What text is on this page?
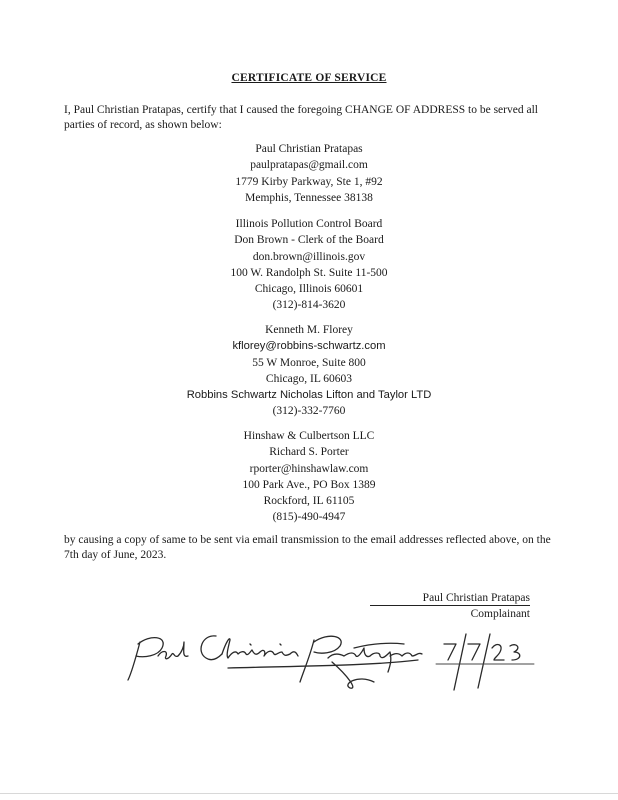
CERTIFICATE OF SERVICE
I, Paul Christian Pratapas, certify that I caused the foregoing CHANGE OF ADDRESS to be served all parties of record, as shown below:
Paul Christian Pratapas
paulpratapas@gmail.com
1779 Kirby Parkway, Ste 1, #92
Memphis, Tennessee 38138
Illinois Pollution Control Board
Don Brown - Clerk of the Board
don.brown@illinois.gov
100 W. Randolph St. Suite 11-500
Chicago, Illinois 60601
(312)-814-3620
Kenneth M. Florey
kflorey@robbins-schwartz.com
55 W Monroe, Suite 800
Chicago, IL 60603
Robbins Schwartz Nicholas Lifton and Taylor LTD
(312)-332-7760
Hinshaw & Culbertson LLC
Richard S. Porter
rporter@hinshawlaw.com
100 Park Ave., PO Box 1389
Rockford, IL 61105
(815)-490-4947
by causing a copy of same to be sent via email transmission to the email addresses reflected above, on the 7th day of June, 2023.
Paul Christian Pratapas
Complainant
